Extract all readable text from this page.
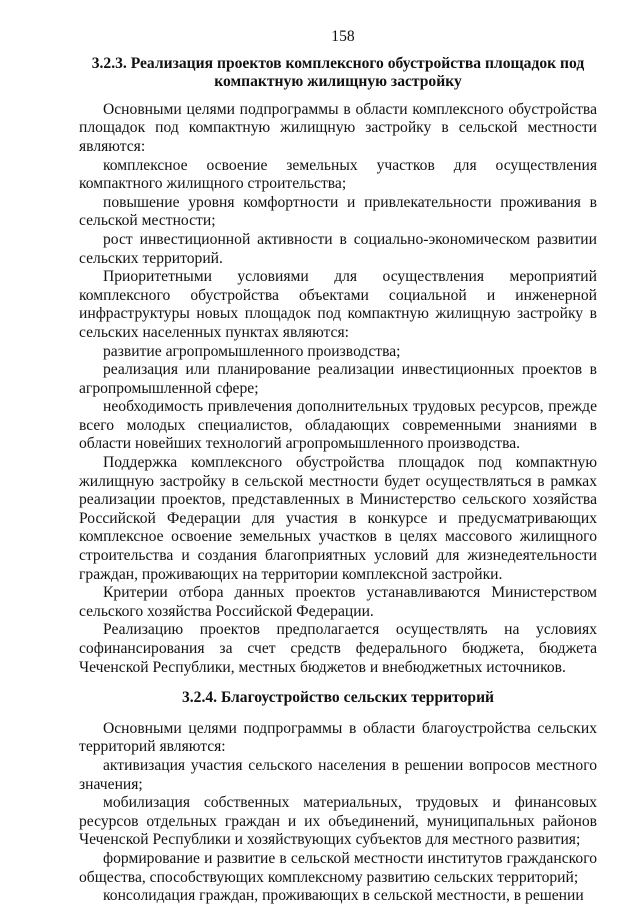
158
3.2.3. Реализация проектов комплексного обустройства площадок под компактную жилищную застройку

Основными целями подпрограммы в области комплексного обустройства площадок под компактную жилищную застройку в сельской местности являются:

комплексное освоение земельных участков для осуществления компактного жилищного строительства;

повышение уровня комфортности и привлекательности проживания в сельской местности;

рост инвестиционной активности в социально-экономическом развитии сельских территорий.

Приоритетными условиями для осуществления мероприятий комплексного обустройства объектами социальной и инженерной инфраструктуры новых площадок под компактную жилищную застройку в сельских населенных пунктах являются:

развитие агропромышленного производства;

реализация или планирование реализации инвестиционных проектов в агропромышленной сфере;

необходимость привлечения дополнительных трудовых ресурсов, прежде всего молодых специалистов, обладающих современными знаниями в области новейших технологий агропромышленного производства.

Поддержка комплексного обустройства площадок под компактную жилищную застройку в сельской местности будет осуществляться в рамках реализации проектов, представленных в Министерство сельского хозяйства Российской Федерации для участия в конкурсе и предусматривающих комплексное освоение земельных участков в целях массового жилищного строительства и создания благоприятных условий для жизнедеятельности граждан, проживающих на территории комплексной застройки.

Критерии отбора данных проектов устанавливаются Министерством сельского хозяйства Российской Федерации.

Реализацию проектов предполагается осуществлять на условиях софинансирования за счет средств федерального бюджета, бюджета Чеченской Республики, местных бюджетов и внебюджетных источников.

3.2.4. Благоустройство сельских территорий

Основными целями подпрограммы в области благоустройства сельских территорий являются:

активизация участия сельского населения в решении вопросов местного значения;

мобилизация собственных материальных, трудовых и финансовых ресурсов отдельных граждан и их объединений, муниципальных районов Чеченской Республики и хозяйствующих субъектов для местного развития;

формирование и развитие в сельской местности институтов гражданского общества, способствующих комплексному развитию сельских территорий;

консолидация граждан, проживающих в сельской местности, в решении
